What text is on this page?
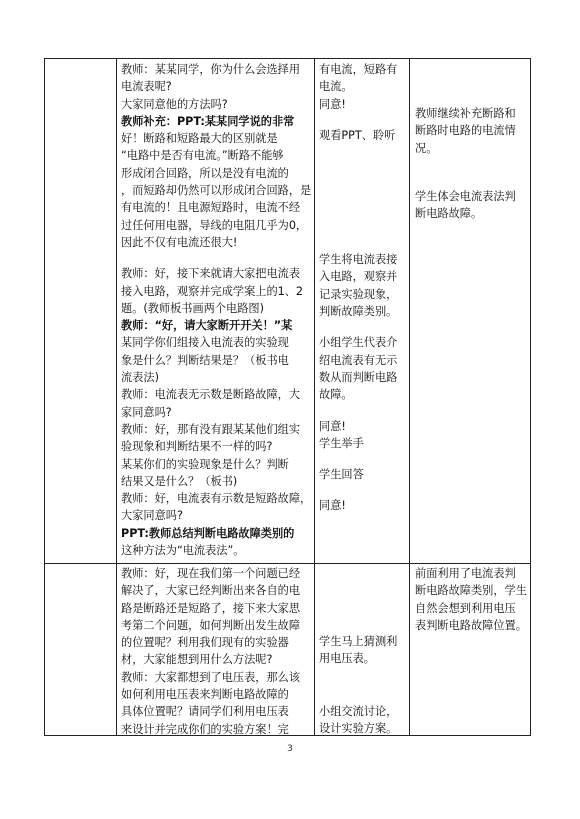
教师：某某同学，你为什么会选择用

电流表呢?

大家同意他的方法吗?

教师补充：PPT:某某同学说的非常

好！断路和短路最大的区别就是

“电路中是否有电流。”断路不能够

形成闭合回路，所以是没有电流的

，而短路却仍然可以形成闭合回路，是

有电流的！且电源短路时，电流不经

过任何用电器，导线的电阻几乎为0，

因此不仅有电流还很大!

教师：好，接下来就请大家把电流表

接入电路，观察并完成学案上的1、2

题。(教师板书画两个电路图)

教师：“好，请大家断开开关！”某

某同学你们组接入电流表的实验现

象是什么？判断结果是？（板书电

流表法)

教师：电流表无示数是断路故障，大

家同意吗?

教师：好，那有没有跟某某他们组实

验现象和判断结果不一样的吗?

某某你们的实验现象是什么？判断

结果又是什么？（板书)

教师：好，电流表有示数是短路故障，

大家同意吗?

PPT:教师总结判断电路故障类别的

这种方法为“电流表法”。

有电流，短路有

电流。

同意!

观看PPT、聆听

学生将电流表接

入电路，观察并

记录实验现象，

判断故障类别。

小组学生代表介

绍电流表有无示

数从而判断电路

故障。

同意!

学生举手

学生回答

同意!

教师继续补充断路和

断路时电路的电流情

况。

学生体会电流表法判

断电路故障。

教师：好，现在我们第一个问题已经

解决了，大家已经判断出来各自的电

路是断路还是短路了，接下来大家思

考第二个问题，如何判断出发生故障

的位置呢？利用我们现有的实验器

材，大家能想到用什么方法呢?

教师：大家都想到了电压表，那么该

如何利用电压表来判断电路故障的

具体位置呢？请同学们利用电压表

来设计并完成你们的实验方案！完

学生马上猜测利

用电压表。

小组交流讨论，

设计实验方案。

前面利用了电流表判

断电路故障类别，学生

自然会想到利用电压

表判断电路故障位置。

3
